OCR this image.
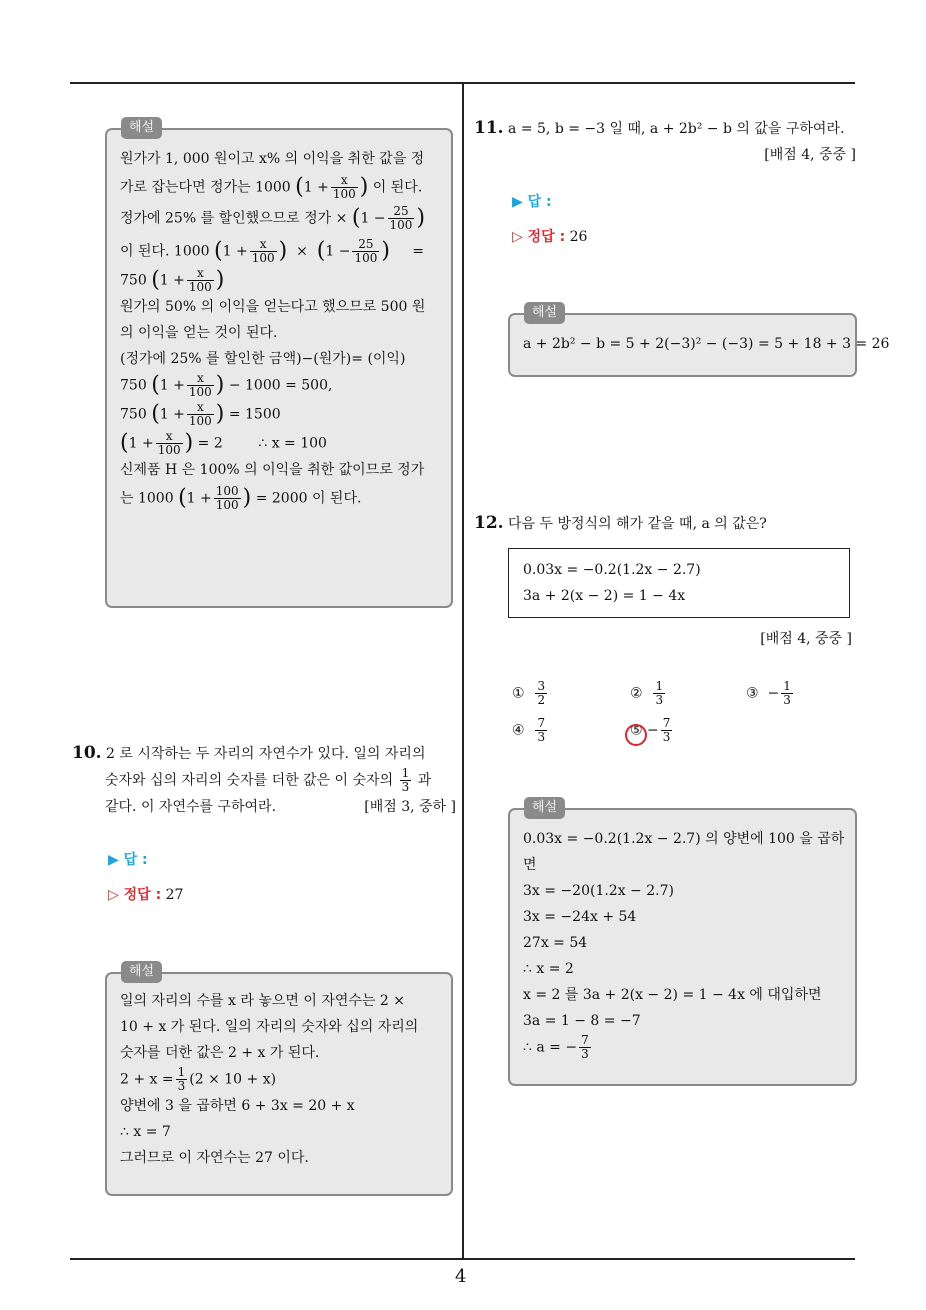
4
해설
원가가 1, 000 원이고 x% 의 이익을 취한 값을 정
가로 잡는다면 정가는 1000 ($1 + \frac{x}{100}$ ) 이 된다.
정가에 25% 를 할인했으므로 정가 × ($1 - \frac{25}{100}$ )
이 된다. 1000 ($1 + \frac{x}{100}$ ) × ($1 - \frac{25}{100}$ ) =
750 ($1 + \frac{x}{100}$ )
원가의 50% 의 이익을 얻는다고 했으므로 500 원
의 이익을 얻는 것이 된다.
(정가에 25% 를 할인한 금액)−(원가)= (이익)
750 ($1 + \frac{x}{100}$ ) − 1000 = 500,
750 ($1 + \frac{x}{100}$ ) = 1500
($1 + \frac{x}{100}$ ) = 2	∴ x = 100
신제품 H 은 100% 의 이익을 취한 값이므로 정가
는 1000 ($1 + \frac{100}{100}$ ) = 2000 이 된다.
10. 2 로 시작하는 두 자리의 자연수가 있다. 일의 자리의
숫자와 십의 자리의 숫자를 더한 값은 이 숫자의 $\frac{1}{3}$ 과
같다. 이 자연수를 구하여라.	[배점 3, 중하 ]
▶ 답 :
▷ 정답 : 27
해설
일의 자리의 수를 x 라 놓으면 이 자연수는 2 ×
10 + x 가 된다. 일의 자리의 숫자와 십의 자리의
숫자를 더한 값은 2 + x 가 된다.
$2 + x = \frac{1}{3} (2 \times 10 + x)$
양변에 3 을 곱하면 6 + 3x = 20 + x
∴ x = 7
그러므로 이 자연수는 27 이다.
11. a = 5, b = −3 일 때, a + 2b² − b 의 값을 구하여라.
[배점 4, 중중 ]
▶ 답 :
▷ 정답 : 26
해설
a + 2b² − b = 5 + 2(−3)² − (−3) = 5 + 18 + 3 = 26
12. 다음 두 방정식의 해가 같을 때, a 의 값은?
0.03x = −0.2(1.2x − 2.7)
3a + 2(x − 2) = 1 − 4x
[배점 4, 중중 ]
① $\frac{3}{2}$	② $\frac{1}{3}$	③ − $\frac{1}{3}$
④ $\frac{7}{3}$	⑤ − $\frac{7}{3}$
해설
0.03x = −0.2(1.2x − 2.7) 의 양변에 100 을 곱하
면
3x = −20(1.2x − 2.7)
3x = −24x + 54
27x = 54
∴ x = 2
x = 2 를 3a + 2(x − 2) = 1 − 4x 에 대입하면
3a = 1 − 8 = −7
∴ a = − $\frac{7}{3}$
